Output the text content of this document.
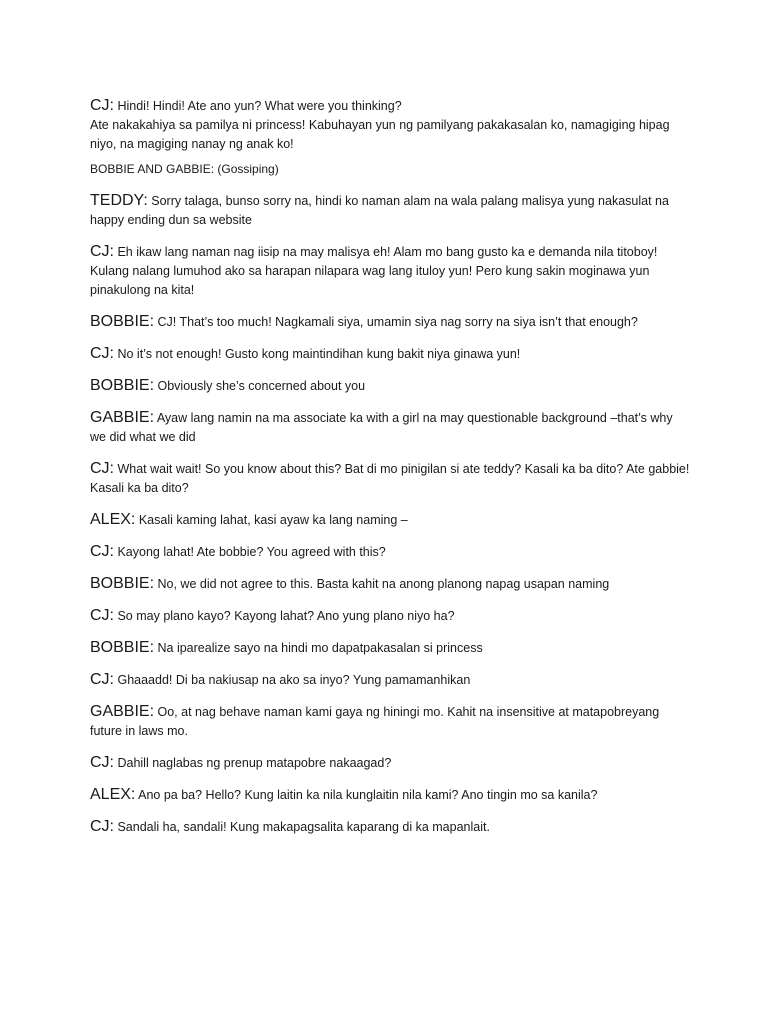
CJ: Hindi! Hindi! Ate ano yun? What were you thinking?

Ate nakakahiya sa pamilya ni princess! Kabuhayan yun ng pamilyang pakakasalan ko, namagiging hipag niyo, na magiging nanay ng anak ko!

BOBBIE AND GABBIE: (Gossiping)

TEDDY: Sorry talaga, bunso sorry na, hindi ko naman alam na wala palang malisya yung nakasulat na happy ending dun sa website

CJ: Eh ikaw lang naman nag iisip na may malisya eh! Alam mo bang gusto ka e demanda nila titoboy! Kulang nalang lumuhod ako sa harapan nilapara wag lang ituloy yun! Pero kung sakin moginawa yun pinakulong na kita!

BOBBIE: CJ! That’s too much! Nagkamali siya, umamin siya nag sorry na siya isn’t that enough?

CJ: No it’s not enough! Gusto kong maintindihan kung bakit niya ginawa yun!

BOBBIE: Obviously she’s concerned about you

GABBIE: Ayaw lang namin na ma associate ka with a girl na may questionable background –that’s why we did what we did

CJ: What wait wait! So you know about this? Bat di mo pinigilan si ate teddy? Kasali ka ba dito? Ate gabbie! Kasali ka ba dito?

ALEX: Kasali kaming lahat, kasi ayaw ka lang naming –

CJ: Kayong lahat! Ate bobbie? You agreed with this?

BOBBIE: No, we did not agree to this. Basta kahit na anong planong napag usapan naming

CJ: So may plano kayo? Kayong lahat? Ano yung plano niyo ha?

BOBBIE: Na iparealize sayo na hindi mo dapatpakasalan si princess

CJ: Ghaaadd! Di ba nakiusap na ako sa inyo? Yung pamamanhikan

GABBIE: Oo, at nag behave naman kami gaya ng hiningi mo. Kahit na insensitive at matapobreyang future in laws mo.

CJ: Dahill naglabas ng prenup matapobre nakaagad?

ALEX: Ano pa ba? Hello? Kung laitin ka nila kunglaitin nila kami? Ano tingin mo sa kanila?

CJ: Sandali ha, sandali! Kung makapagsalita kaparang di ka mapanlait.
